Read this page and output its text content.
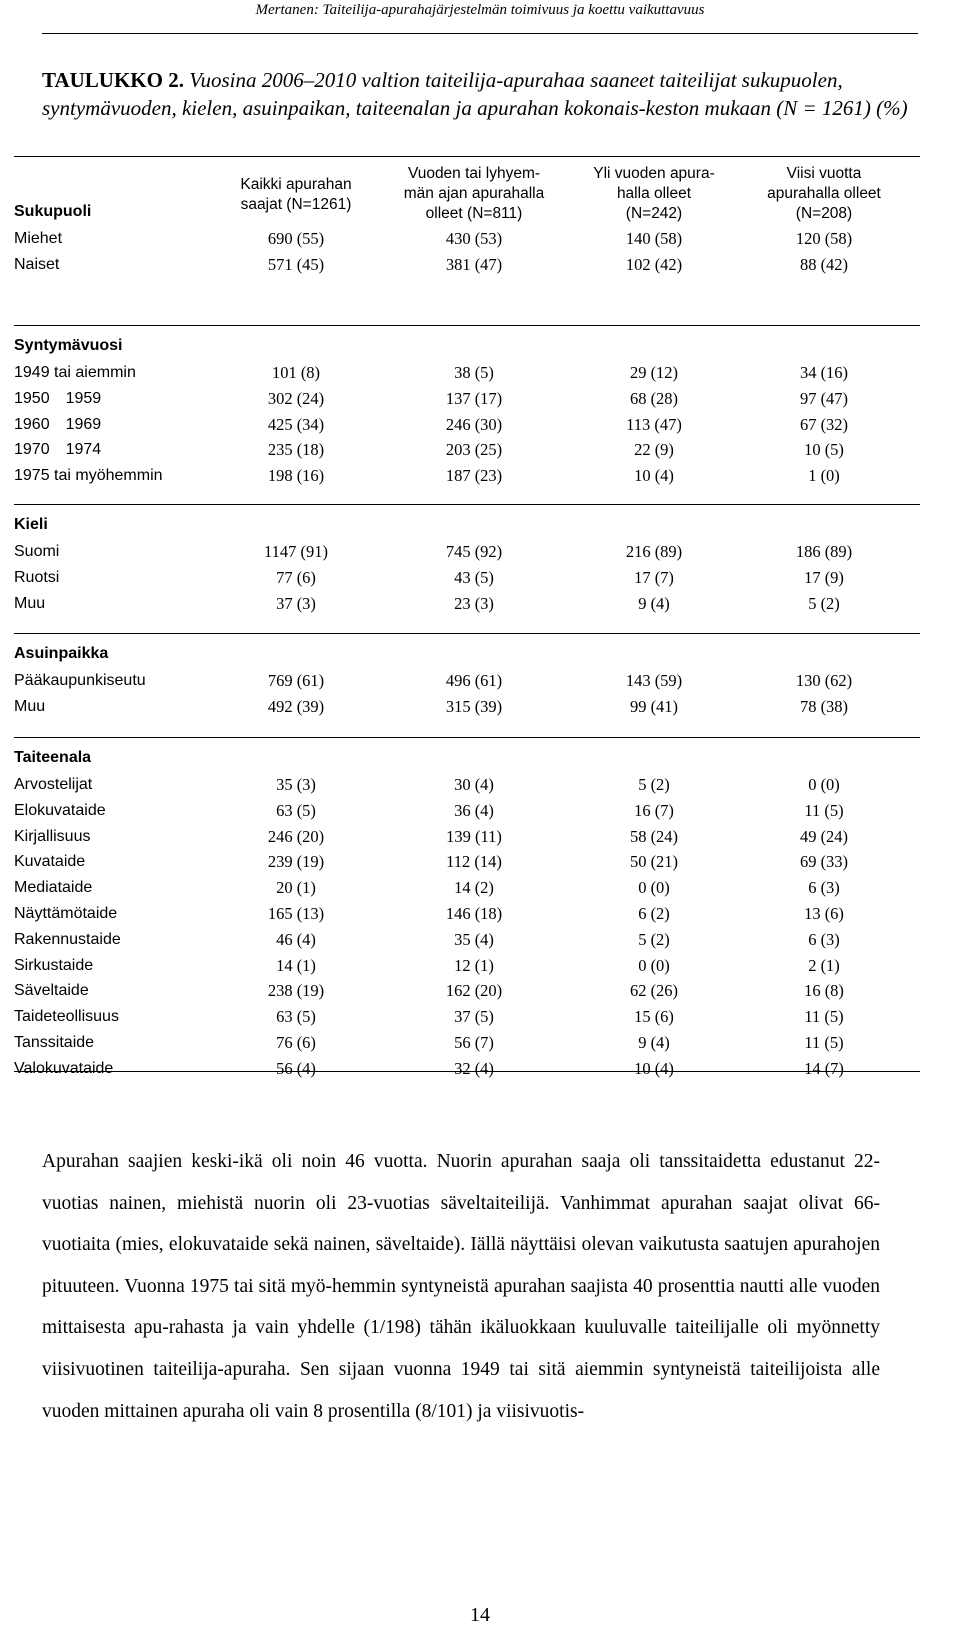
Mertanen: Taiteilija-apurahajärjestelmän toimivuus ja koettu vaikuttavuus
TAULUKKO 2. Vuosina 2006–2010 valtion taiteilija-apurahaa saaneet taiteilijat sukupuolen, syntymävuoden, kielen, asuinpaikan, taiteenalan ja apurahan kokonais-keston mukaan (N = 1261) (%)
Kaikki apurahan
saajat (N=1261)
Vuoden tai lyhyem-
män ajan apurahalla
olleet (N=811)
Yli vuoden apura-
halla olleet
(N=242)
Viisi vuotta
apurahalla olleet
(N=208)
Sukupuoli
Miehet	690 (55)	430 (53)	140 (58)	120 (58)
Naiset	571 (45)	381 (47)	102 (42)	88 (42)
Syntymävuosi
1949 tai aiemmin	101 (8)	38 (5)	29 (12)	34 (16)
1950 1959	302 (24)	137 (17)	68 (28)	97 (47)
1960 1969	425 (34)	246 (30)	113 (47)	67 (32)
1970 1974	235 (18)	203 (25)	22 (9)	10 (5)
1975 tai myöhemmin	198 (16)	187 (23)	10 (4)	1 (0)
Kieli
Suomi	1147 (91)	745 (92)	216 (89)	186 (89)
Ruotsi	77 (6)	43 (5)	17 (7)	17 (9)
Muu	37 (3)	23 (3)	9 (4)	5 (2)
Asuinpaikka
Pääkaupunkiseutu	769 (61)	496 (61)	143 (59)	130 (62)
Muu	492 (39)	315 (39)	99 (41)	78 (38)
Taiteenala
Arvostelijat	35 (3)	30 (4)	5 (2)	0 (0)
Elokuvataide	63 (5)	36 (4)	16 (7)	11 (5)
Kirjallisuus	246 (20)	139 (11)	58 (24)	49 (24)
Kuvataide	239 (19)	112 (14)	50 (21)	69 (33)
Mediataide	20 (1)	14 (2)	0 (0)	6 (3)
Näyttämötaide	165 (13)	146 (18)	6 (2)	13 (6)
Rakennustaide	46 (4)	35 (4)	5 (2)	6 (3)
Sirkustaide	14 (1)	12 (1)	0 (0)	2 (1)
Säveltaide	238 (19)	162 (20)	62 (26)	16 (8)
Taideteollisuus	63 (5)	37 (5)	15 (6)	11 (5)
Tanssitaide	76 (6)	56 (7)	9 (4)	11 (5)
Valokuvataide	56 (4)	32 (4)	10 (4)	14 (7)
Apurahan saajien keski-ikä oli noin 46 vuotta. Nuorin apurahan saaja oli tanssitaidetta edustanut 22-vuotias nainen, miehistä nuorin oli 23-vuotias säveltaiteilijä. Vanhimmat apurahan saajat olivat 66-vuotiaita (mies, elokuvataide sekä nainen, säveltaide). Iällä näyttäisi olevan vaikutusta saatujen apurahojen pituuteen. Vuonna 1975 tai sitä myö-hemmin syntyneistä apurahan saajista 40 prosenttia nautti alle vuoden mittaisesta apu-rahasta ja vain yhdelle (1/198) tähän ikäluokkaan kuuluvalle taiteilijalle oli myönnetty viisivuotinen taiteilija-apuraha. Sen sijaan vuonna 1949 tai sitä aiemmin syntyneistä taiteilijoista alle vuoden mittainen apuraha oli vain 8 prosentilla (8/101) ja viisivuotis-
14
